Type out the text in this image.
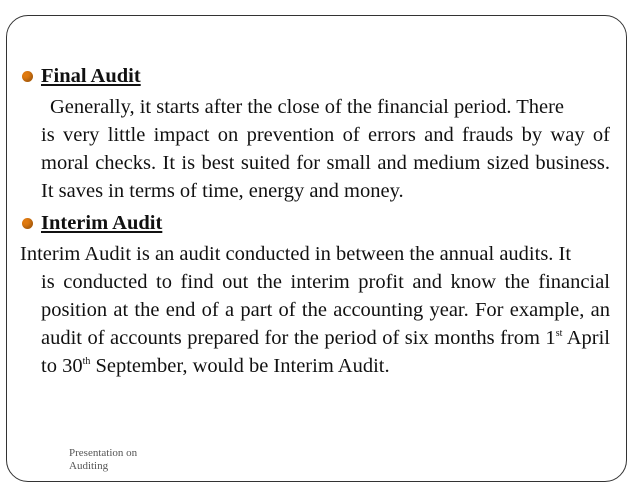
Final Audit

Generally, it starts after the close of the financial period. There
is very little impact on prevention of errors and frauds by way of moral checks. It is best suited for small and medium sized business. It saves in terms of time, energy and money.

Interim Audit

Interim Audit is an audit conducted in between the annual audits. It
is conducted to find out the interim profit and know the financial position at the end of a part of the accounting year. For example, an audit of accounts prepared for the period of six months from 1st April to 30th September, would be Interim Audit.

Presentation on
Auditing
